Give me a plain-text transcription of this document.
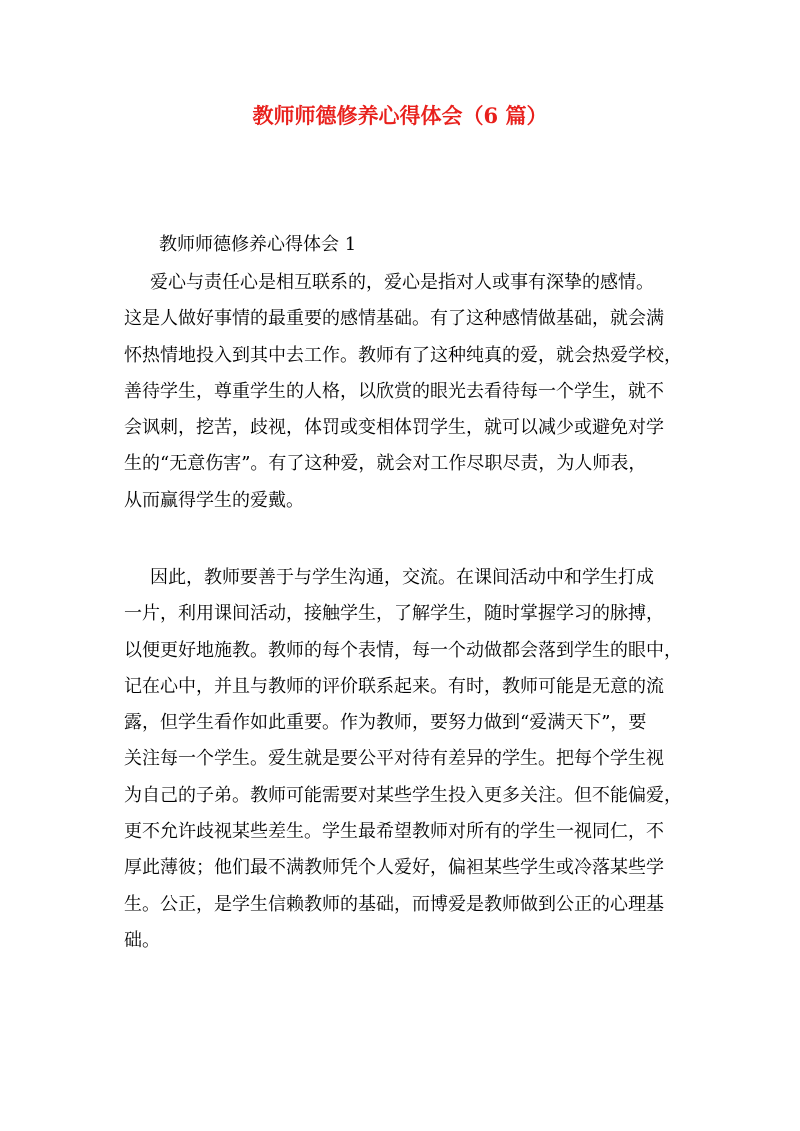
教师师德修养心得体会（6 篇）

教师师德修养心得体会 1

爱心与责任心是相互联系的，爱心是指对人或事有深挚的感情。
这是人做好事情的最重要的感情基础。有了这种感情做基础，就会满
怀热情地投入到其中去工作。教师有了这种纯真的爱，就会热爱学校，
善待学生，尊重学生的人格，以欣赏的眼光去看待每一个学生，就不
会讽刺，挖苦，歧视，体罚或变相体罚学生，就可以减少或避免对学
生的“无意伤害”。有了这种爱，就会对工作尽职尽责，为人师表，
从而赢得学生的爱戴。
因此，教师要善于与学生沟通，交流。在课间活动中和学生打成
一片，利用课间活动，接触学生，了解学生，随时掌握学习的脉搏，
以便更好地施教。教师的每个表情，每一个动做都会落到学生的眼中，
记在心中，并且与教师的评价联系起来。有时，教师可能是无意的流
露，但学生看作如此重要。作为教师，要努力做到“爱满天下”，要
关注每一个学生。爱生就是要公平对待有差异的学生。把每个学生视
为自己的子弟。教师可能需要对某些学生投入更多关注。但不能偏爱，
更不允许歧视某些差生。学生最希望教师对所有的学生一视同仁，不
厚此薄彼；他们最不满教师凭个人爱好，偏袒某些学生或冷落某些学
生。公正，是学生信赖教师的基础，而博爱是教师做到公正的心理基
础。
